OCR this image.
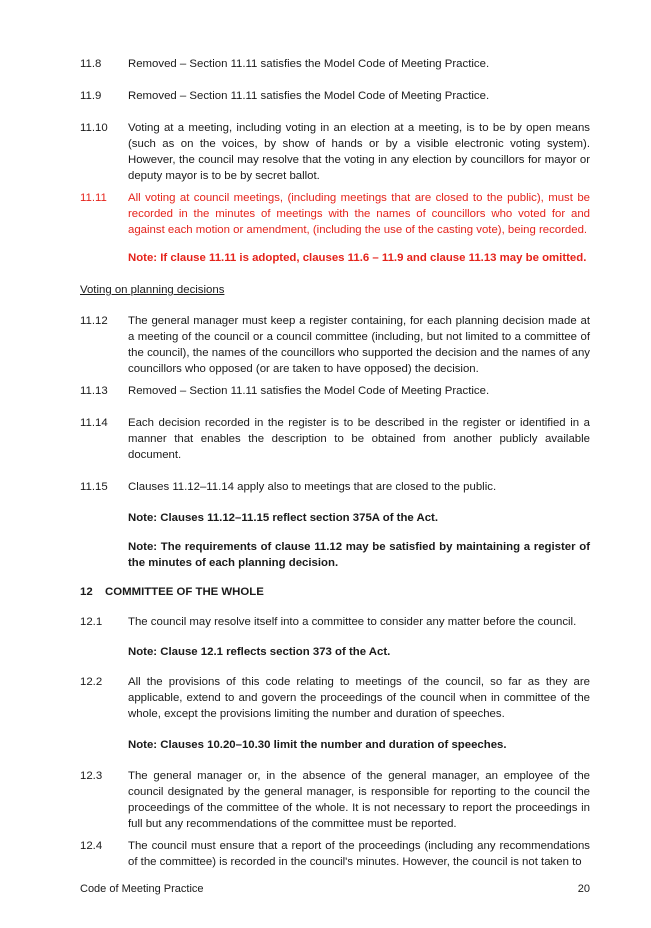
11.8 Removed – Section 11.11 satisfies the Model Code of Meeting Practice.
11.9 Removed – Section 11.11 satisfies the Model Code of Meeting Practice.
11.10 Voting at a meeting, including voting in an election at a meeting, is to be by open means (such as on the voices, by show of hands or by a visible electronic voting system). However, the council may resolve that the voting in any election by councillors for mayor or deputy mayor is to be by secret ballot.
11.11 All voting at council meetings, (including meetings that are closed to the public), must be recorded in the minutes of meetings with the names of councillors who voted for and against each motion or amendment, (including the use of the casting vote), being recorded.
Note: If clause 11.11 is adopted, clauses 11.6 – 11.9 and clause 11.13 may be omitted.
Voting on planning decisions
11.12 The general manager must keep a register containing, for each planning decision made at a meeting of the council or a council committee (including, but not limited to a committee of the council), the names of the councillors who supported the decision and the names of any councillors who opposed (or are taken to have opposed) the decision.
11.13 Removed – Section 11.11 satisfies the Model Code of Meeting Practice.
11.14 Each decision recorded in the register is to be described in the register or identified in a manner that enables the description to be obtained from another publicly available document.
11.15 Clauses 11.12–11.14 apply also to meetings that are closed to the public.
Note: Clauses 11.12–11.15 reflect section 375A of the Act.
Note: The requirements of clause 11.12 may be satisfied by maintaining a register of the minutes of each planning decision.
12 COMMITTEE OF THE WHOLE
12.1 The council may resolve itself into a committee to consider any matter before the council.
Note: Clause 12.1 reflects section 373 of the Act.
12.2 All the provisions of this code relating to meetings of the council, so far as they are applicable, extend to and govern the proceedings of the council when in committee of the whole, except the provisions limiting the number and duration of speeches.
Note: Clauses 10.20–10.30 limit the number and duration of speeches.
12.3 The general manager or, in the absence of the general manager, an employee of the council designated by the general manager, is responsible for reporting to the council the proceedings of the committee of the whole. It is not necessary to report the proceedings in full but any recommendations of the committee must be reported.
12.4 The council must ensure that a report of the proceedings (including any recommendations of the committee) is recorded in the council's minutes. However, the council is not taken to
Code of Meeting Practice	20
